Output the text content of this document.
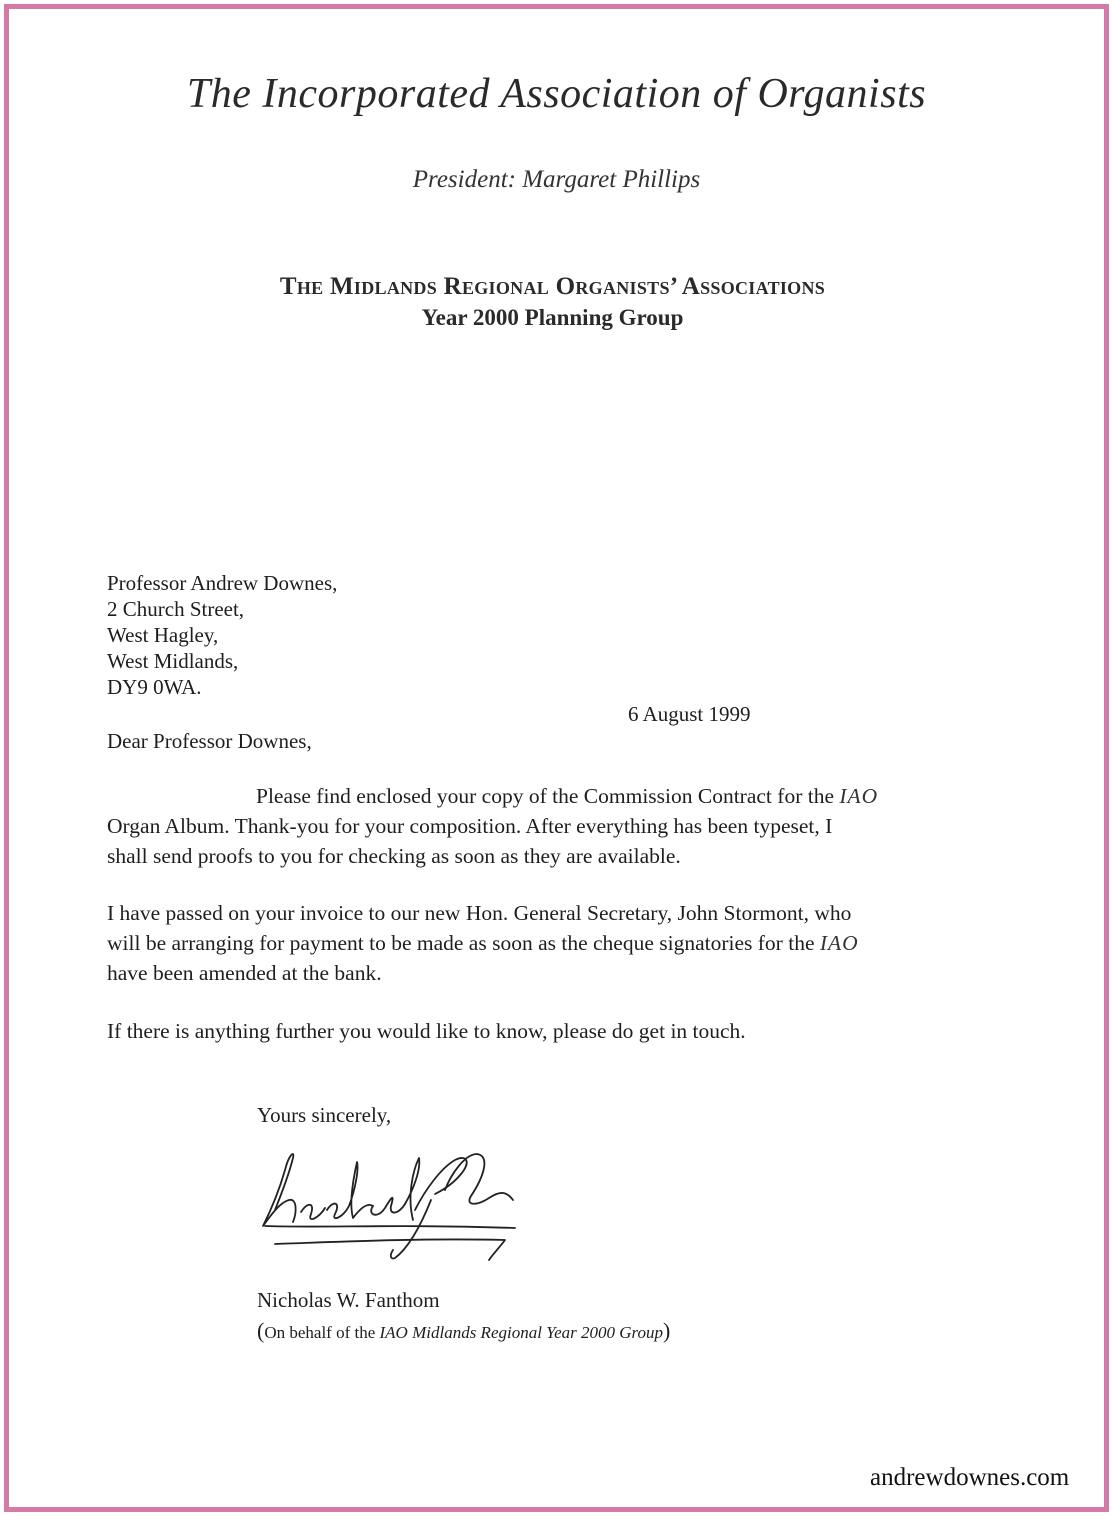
The Incorporated Association of Organists
President: Margaret Phillips
The Midlands Regional Organists’ Associations
Year 2000 Planning Group
Professor Andrew Downes,
2 Church Street,
West Hagley,
West Midlands,
DY9 0WA.
6 August 1999
Dear Professor Downes,
Please find enclosed your copy of the Commission Contract for the IAO
Organ Album. Thank-you for your composition. After everything has been typeset, I
shall send proofs to you for checking as soon as they are available.
I have passed on your invoice to our new Hon. General Secretary, John Stormont, who
will be arranging for payment to be made as soon as the cheque signatories for the IAO
have been amended at the bank.
If there is anything further you would like to know, please do get in touch.
Yours sincerely,
Nicholas W. Fanthom
(On behalf of the IAO Midlands Regional Year 2000 Group)
andrewdownes.com
